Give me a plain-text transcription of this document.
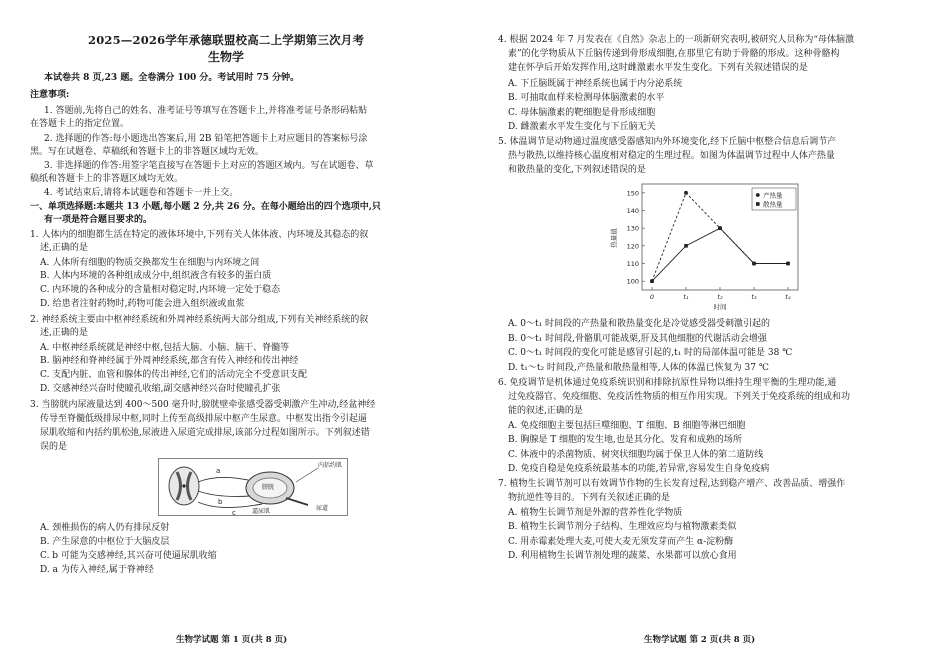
2025—2026学年承德联盟校高二上学期第三次月考
生物学
本试卷共 8 页,23 题。全卷满分 100 分。考试用时 75 分钟。
注意事项:
1. 答题前,先将自己的姓名、准考证号等填写在答题卡上,并将准考证号条形码粘贴
在答题卡上的指定位置。
2. 选择题的作答:每小题选出答案后,用 2B 铅笔把答题卡上对应题目的答案标号涂
黑。写在试题卷、草稿纸和答题卡上的非答题区域均无效。
3. 非选择题的作答:用签字笔直接写在答题卡上对应的答题区域内。写在试题卷、草
稿纸和答题卡上的非答题区域均无效。
4. 考试结束后,请将本试题卷和答题卡一并上交。
一、单项选择题:本题共 13 小题,每小题 2 分,共 26 分。在每小题给出的四个选项中,只
有一项是符合题目要求的。
1. 人体内的细胞都生活在特定的液体环境中,下列有关人体体液、内环境及其稳态的叙
述,正确的是
A. 人体所有细胞的物质交换都发生在细胞与内环境之间
B. 人体内环境的各种组成成分中,组织液含有较多的蛋白质
C. 内环境的各种成分的含量相对稳定时,内环境一定处于稳态
D. 给患者注射药物时,药物可能会进入组织液或血浆
2. 神经系统主要由中枢神经系统和外周神经系统两大部分组成,下列有关神经系统的叙
述,正确的是
A. 中枢神经系统就是神经中枢,包括大脑、小脑、脑干、脊髓等
B. 脑神经和脊神经属于外周神经系统,都含有传入神经和传出神经
C. 支配内脏、血管和腺体的传出神经,它们的活动完全不受意识支配
D. 交感神经兴奋时使瞳孔收缩,副交感神经兴奋时使瞳孔扩张
3. 当膀胱内尿液量达到 400～500 毫升时,膀胱壁牵张感受器受刺激产生冲动,经盆神经
传导至脊髓低级排尿中枢,同时上传至高级排尿中枢产生尿意。中枢发出指令引起逼
尿肌收缩和内括约肌松弛,尿液进入尿道完成排尿,该部分过程如图所示。下列叙述错
误的是
a
b
c
膀胱
逼尿肌
内括约肌
尿道
A. 颈椎损伤的病人仍有排尿反射
B. 产生尿意的中枢位于大脑皮层
C. b 可能为交感神经,其兴奋可使逼尿肌收缩
D. a 为传入神经,属于脊神经
生物学试题 第 1 页(共 8 页)
4. 根据 2024 年 7 月发表在《自然》杂志上的一项新研究表明,被研究人员称为“母体脑激
素”的化学物质从下丘脑传递到骨形成细胞,在那里它有助于骨骼的形成。这种骨骼构
建在怀孕后开始发挥作用,这时雌激素水平发生变化。下列有关叙述错误的是
A. 下丘脑既属于神经系统也属于内分泌系统
B. 可抽取血样来检测母体脑激素的水平
C. 母体脑激素的靶细胞是骨形成细胞
D. 雌激素水平发生变化与下丘脑无关
5. 体温调节是动物通过温度感受器感知内外环境变化,经下丘脑中枢整合信息后调节产
热与散热,以维持核心温度相对稳定的生理过程。如图为体温调节过程中人体产热量
和散热量的变化,下列叙述错误的是
100
110
120
130
140
150
0	t₁	t₂	t₃	t₄
热量值
时间
产热量
散热量
A. 0～t₁ 时间段的产热量和散热量变化是冷觉感受器受刺激引起的
B. 0～t₁ 时间段,骨骼肌可能战栗,肝及其他细胞的代谢活动会增强
C. 0～t₁ 时间段的变化可能是感冒引起的,t₁ 时的局部体温可能是 38 ℃
D. t₁～t₂ 时间段,产热量和散热量相等,人体的体温已恢复为 37 ℃
6. 免疫调节是机体通过免疫系统识别和排除抗原性异物以维持生理平衡的生理功能,通
过免疫器官、免疫细胞、免疫活性物质的相互作用实现。下列关于免疫系统的组成和功
能的叙述,正确的是
A. 免疫细胞主要包括巨噬细胞、T 细胞、B 细胞等淋巴细胞
B. 胸腺是 T 细胞的发生地,也是其分化、发育和成熟的场所
C. 体液中的杀菌物质、树突状细胞均属于保卫人体的第二道防线
D. 免疫自稳是免疫系统最基本的功能,若异常,容易发生自身免疫病
7. 植物生长调节剂可以有效调节作物的生长发育过程,达到稳产增产、改善品质、增强作
物抗逆性等目的。下列有关叙述正确的是
A. 植物生长调节剂是外源的营养性化学物质
B. 植物生长调节剂分子结构、生理效应均与植物激素类似
C. 用赤霉素处理大麦,可使大麦无须发芽而产生 α-淀粉酶
D. 利用植物生长调节剂处理的蔬菜、水果都可以放心食用
生物学试题 第 2 页(共 8 页)
